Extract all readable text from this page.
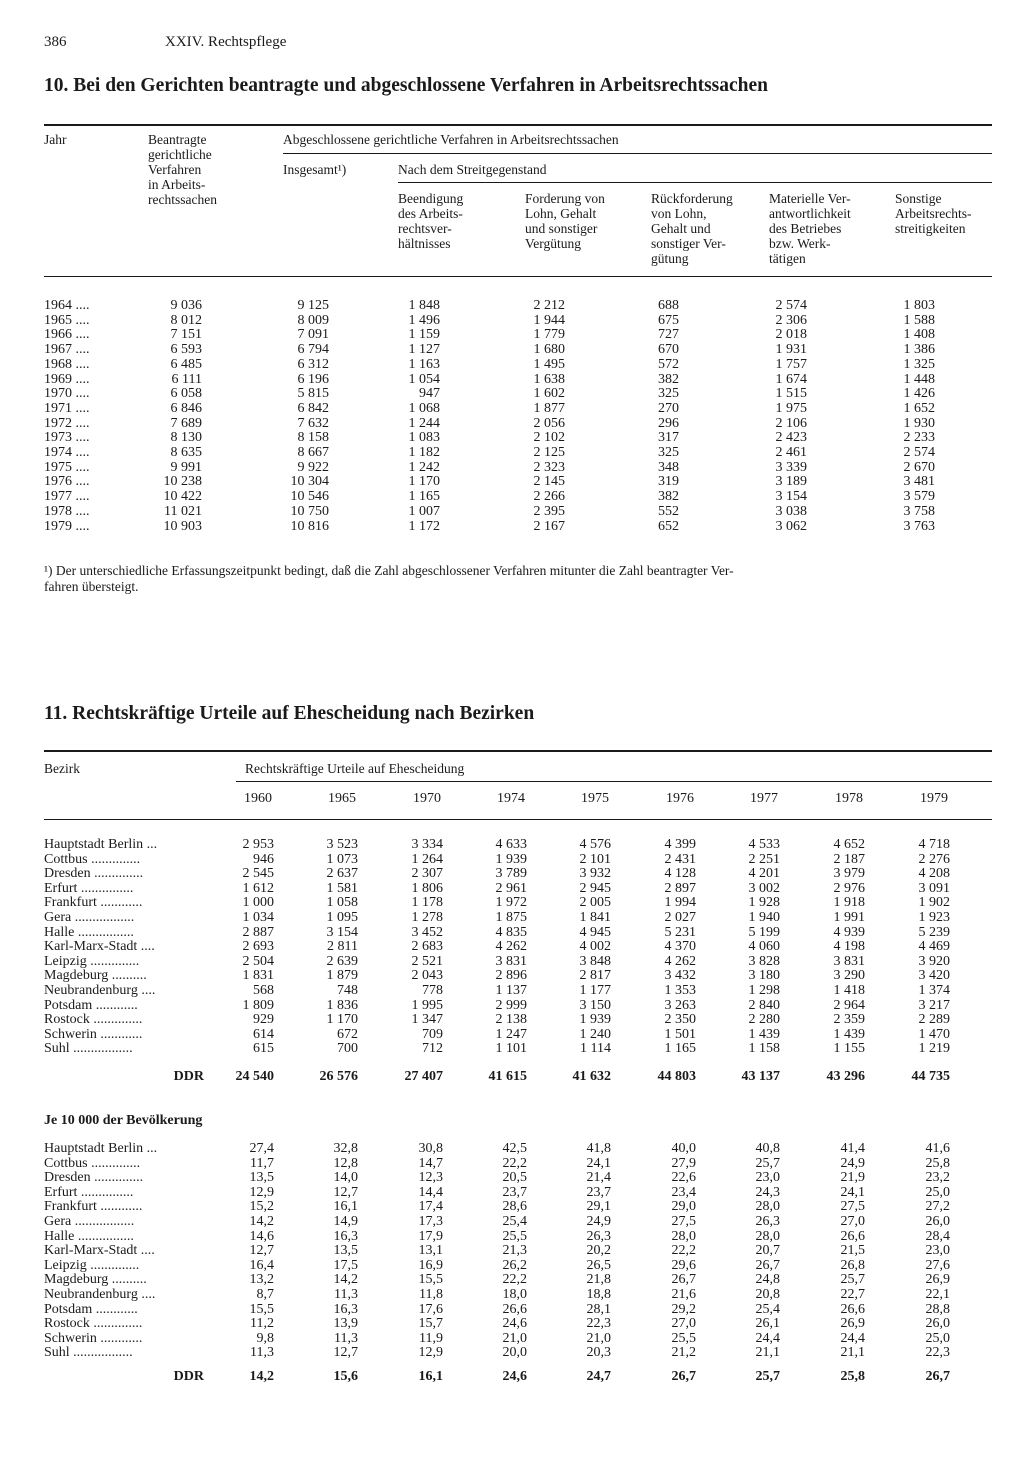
386	XXIV. Rechtspflege
10. Bei den Gerichten beantragte und abgeschlossene Verfahren in Arbeitsrechtssachen
Jahr	Beantragte
gerichtliche
Verfahren
in Arbeits-
rechtssachen
Abgeschlossene gerichtliche Verfahren in Arbeitsrechtssachen
Insgesamt¹)	Nach dem Streitgegenstand
Beendigung
des Arbeits-
rechtsver-
hältnisses
Forderung von
Lohn, Gehalt
und sonstiger
Vergütung
Rückforderung
von Lohn,
Gehalt und
sonstiger Ver-
gütung
Materielle Ver-
antwortlichkeit
des Betriebes
bzw. Werk-
tätigen
Sonstige
Arbeitsrechts-
streitigkeiten
1964 ....	9 036	9 125	1 848	2 212	688	2 574	1 803
1965 ....	8 012	8 009	1 496	1 944	675	2 306	1 588
1966 ....	7 151	7 091	1 159	1 779	727	2 018	1 408
1967 ....	6 593	6 794	1 127	1 680	670	1 931	1 386
1968 ....	6 485	6 312	1 163	1 495	572	1 757	1 325
1969 ....	6 111	6 196	1 054	1 638	382	1 674	1 448
1970 ....	6 058	5 815	947	1 602	325	1 515	1 426
1971 ....	6 846	6 842	1 068	1 877	270	1 975	1 652
1972 ....	7 689	7 632	1 244	2 056	296	2 106	1 930
1973 ....	8 130	8 158	1 083	2 102	317	2 423	2 233
1974 ....	8 635	8 667	1 182	2 125	325	2 461	2 574
1975 ....	9 991	9 922	1 242	2 323	348	3 339	2 670
1976 ....	10 238	10 304	1 170	2 145	319	3 189	3 481
1977 ....	10 422	10 546	1 165	2 266	382	3 154	3 579
1978 ....	11 021	10 750	1 007	2 395	552	3 038	3 758
1979 ....	10 903	10 816	1 172	2 167	652	3 062	3 763
¹) Der unterschiedliche Erfassungszeitpunkt bedingt, daß die Zahl abgeschlossener Verfahren mitunter die Zahl beantragter Ver-
fahren übersteigt.
11. Rechtskräftige Urteile auf Ehescheidung nach Bezirken
Bezirk	Rechtskräftige Urteile auf Ehescheidung
1960	1965	1970	1974	1975	1976	1977	1978	1979
Hauptstadt Berlin ...	2 953	3 523	3 334	4 633	4 576	4 399	4 533	4 652	4 718
Cottbus ..............	946	1 073	1 264	1 939	2 101	2 431	2 251	2 187	2 276
Dresden ..............	2 545	2 637	2 307	3 789	3 932	4 128	4 201	3 979	4 208
Erfurt ...............	1 612	1 581	1 806	2 961	2 945	2 897	3 002	2 976	3 091
Frankfurt ............	1 000	1 058	1 178	1 972	2 005	1 994	1 928	1 918	1 902
Gera .................	1 034	1 095	1 278	1 875	1 841	2 027	1 940	1 991	1 923
Halle ................	2 887	3 154	3 452	4 835	4 945	5 231	5 199	4 939	5 239
Karl-Marx-Stadt ....	2 693	2 811	2 683	4 262	4 002	4 370	4 060	4 198	4 469
Leipzig ..............	2 504	2 639	2 521	3 831	3 848	4 262	3 828	3 831	3 920
Magdeburg ..........	1 831	1 879	2 043	2 896	2 817	3 432	3 180	3 290	3 420
Neubrandenburg ....	568	748	778	1 137	1 177	1 353	1 298	1 418	1 374
Potsdam ............	1 809	1 836	1 995	2 999	3 150	3 263	2 840	2 964	3 217
Rostock ..............	929	1 170	1 347	2 138	1 939	2 350	2 280	2 359	2 289
Schwerin ............	614	672	709	1 247	1 240	1 501	1 439	1 439	1 470
Suhl .................	615	700	712	1 101	1 114	1 165	1 158	1 155	1 219
DDR 24 540	26 576	27 407	41 615	41 632	44 803	43 137	43 296	44 735
Je 10 000 der Bevölkerung
Hauptstadt Berlin ...	27,4	32,8	30,8	42,5	41,8	40,0	40,8	41,4	41,6
Cottbus ..............	11,7	12,8	14,7	22,2	24,1	27,9	25,7	24,9	25,8
Dresden ..............	13,5	14,0	12,3	20,5	21,4	22,6	23,0	21,9	23,2
Erfurt ...............	12,9	12,7	14,4	23,7	23,7	23,4	24,3	24,1	25,0
Frankfurt ............	15,2	16,1	17,4	28,6	29,1	29,0	28,0	27,5	27,2
Gera .................	14,2	14,9	17,3	25,4	24,9	27,5	26,3	27,0	26,0
Halle ................	14,6	16,3	17,9	25,5	26,3	28,0	28,0	26,6	28,4
Karl-Marx-Stadt ....	12,7	13,5	13,1	21,3	20,2	22,2	20,7	21,5	23,0
Leipzig ..............	16,4	17,5	16,9	26,2	26,5	29,6	26,7	26,8	27,6
Magdeburg ..........	13,2	14,2	15,5	22,2	21,8	26,7	24,8	25,7	26,9
Neubrandenburg ....	8,7	11,3	11,8	18,0	18,8	21,6	20,8	22,7	22,1
Potsdam ............	15,5	16,3	17,6	26,6	28,1	29,2	25,4	26,6	28,8
Rostock ..............	11,2	13,9	15,7	24,6	22,3	27,0	26,1	26,9	26,0
Schwerin ............	9,8	11,3	11,9	21,0	21,0	25,5	24,4	24,4	25,0
Suhl .................	11,3	12,7	12,9	20,0	20,3	21,2	21,1	21,1	22,3
DDR	14,2	15,6	16,1	24,6	24,7	26,7	25,7	25,8	26,7
